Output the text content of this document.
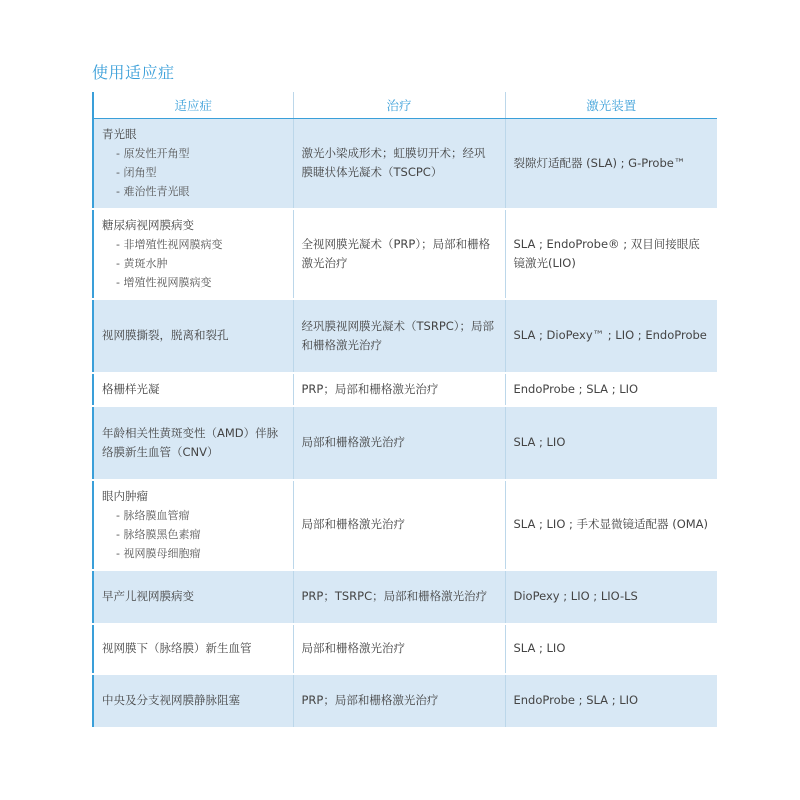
使用适应症
适应症	治疗	激光装置

青光眼
- 原发性开角型
- 闭角型
- 难治性青光眼	激光小梁成形术；虹膜切开术；经巩膜睫状体光凝术（TSCPC）	裂隙灯适配器 (SLA) ; G-Probe™

糖尿病视网膜病变
- 非增殖性视网膜病变
- 黄斑水肿
- 增殖性视网膜病变	全视网膜光凝术（PRP）；局部和栅格激光治疗	SLA ; EndoProbe® ; 双目间接眼底镜激光(LIO)

视网膜撕裂，脱离和裂孔	经巩膜视网膜光凝术（TSRPC）；局部和栅格激光治疗	SLA ; DioPexy™ ; LIO ; EndoProbe

格栅样光凝	PRP；局部和栅格激光治疗	EndoProbe ; SLA ; LIO

年龄相关性黄斑变性（AMD）伴脉络膜新生血管（CNV）	局部和栅格激光治疗	SLA ; LIO

眼内肿瘤
- 脉络膜血管瘤
- 脉络膜黑色素瘤
- 视网膜母细胞瘤	局部和栅格激光治疗	SLA ; LIO ; 手术显微镜适配器 (OMA)

早产儿视网膜病变	PRP；TSRPC；局部和栅格激光治疗	DioPexy ; LIO ; LIO-LS

视网膜下（脉络膜）新生血管	局部和栅格激光治疗	SLA ; LIO

中央及分支视网膜静脉阻塞	PRP；局部和栅格激光治疗	EndoProbe ; SLA ; LIO
